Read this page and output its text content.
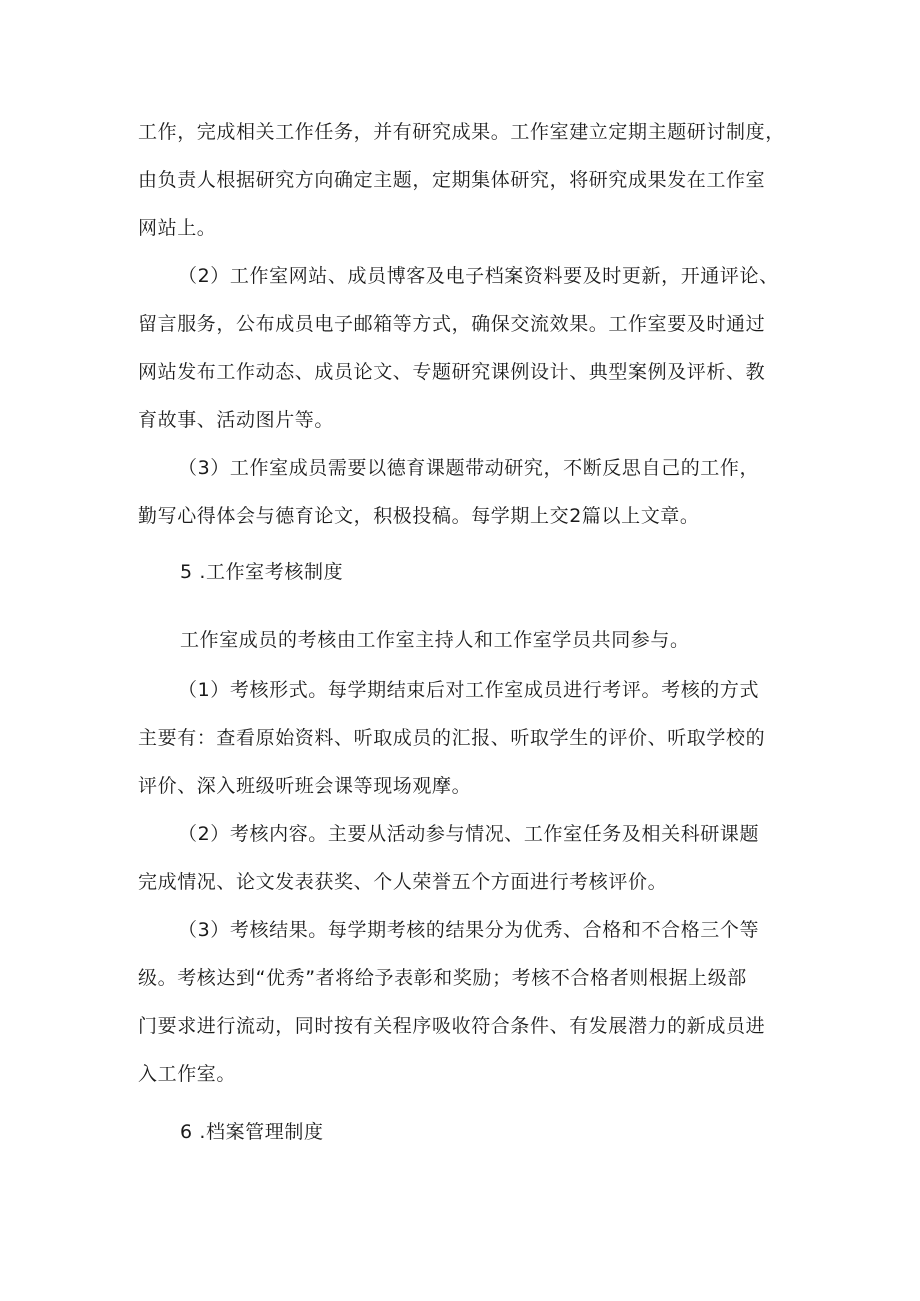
工作，完成相关工作任务，并有研究成果。工作室建立定期主题研讨制度，
由负责人根据研究方向确定主题，定期集体研究，将研究成果发在工作室
网站上。
（2）工作室网站、成员博客及电子档案资料要及时更新，开通评论、
留言服务，公布成员电子邮箱等方式，确保交流效果。工作室要及时通过
网站发布工作动态、成员论文、专题研究课例设计、典型案例及评析、教
育故事、活动图片等。
（3）工作室成员需要以德育课题带动研究，不断反思自己的工作，
勤写心得体会与德育论文，积极投稿。每学期上交2篇以上文章。
5 .工作室考核制度
工作室成员的考核由工作室主持人和工作室学员共同参与。
（1）考核形式。每学期结束后对工作室成员进行考评。考核的方式
主要有：查看原始资料、听取成员的汇报、听取学生的评价、听取学校的
评价、深入班级听班会课等现场观摩。
（2）考核内容。主要从活动参与情况、工作室任务及相关科研课题
完成情况、论文发表获奖、个人荣誉五个方面进行考核评价。
（3）考核结果。每学期考核的结果分为优秀、合格和不合格三个等
级。考核达到“优秀”者将给予表彰和奖励；考核不合格者则根据上级部
门要求进行流动，同时按有关程序吸收符合条件、有发展潜力的新成员进
入工作室。
6 .档案管理制度
